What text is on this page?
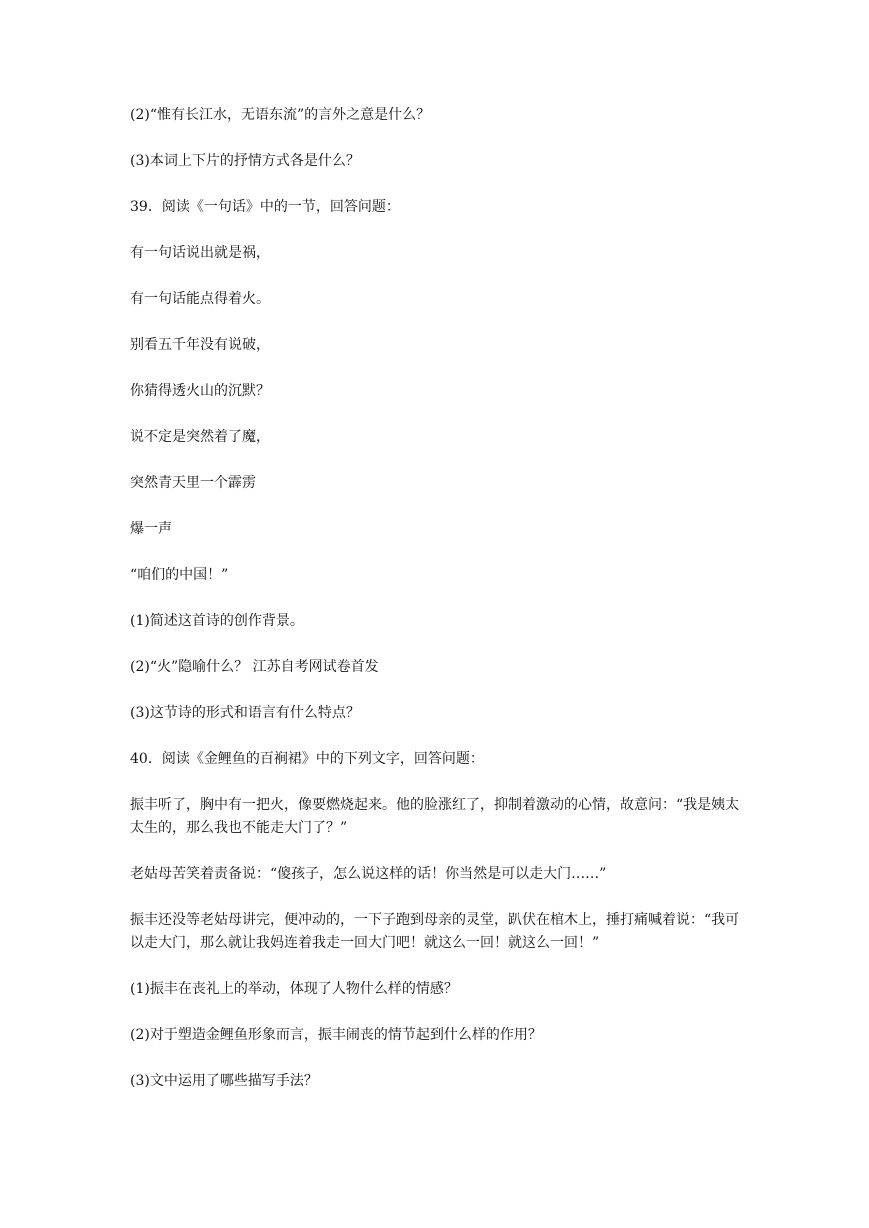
(2)“惟有长江水，无语东流”的言外之意是什么？

(3)本词上下片的抒情方式各是什么？

39．阅读《一句话》中的一节，回答问题：

有一句话说出就是祸，

有一句话能点得着火。

别看五千年没有说破，

你猜得透火山的沉默？

说不定是突然着了魔，

突然青天里一个霹雳

爆一声

“咱们的中国！”

(1)简述这首诗的创作背景。

(2)“火”隐喻什么？ 江苏自考网试卷首发

(3)这节诗的形式和语言有什么特点？

40．阅读《金鲤鱼的百裥裙》中的下列文字，回答问题：

振丰听了，胸中有一把火，像要燃烧起来。他的脸涨红了，抑制着激动的心情，故意问：“我是姨太太生的，那么我也不能走大门了？”

老姑母苦笑着责备说：“傻孩子，怎么说这样的话！你当然是可以走大门……”

振丰还没等老姑母讲完，便冲动的，一下子跑到母亲的灵堂，趴伏在棺木上，捶打痛喊着说：“我可以走大门，那么就让我妈连着我走一回大门吧！就这么一回！就这么一回！”

(1)振丰在丧礼上的举动，体现了人物什么样的情感？

(2)对于塑造金鲤鱼形象而言，振丰闹丧的情节起到什么样的作用？

(3)文中运用了哪些描写手法？
